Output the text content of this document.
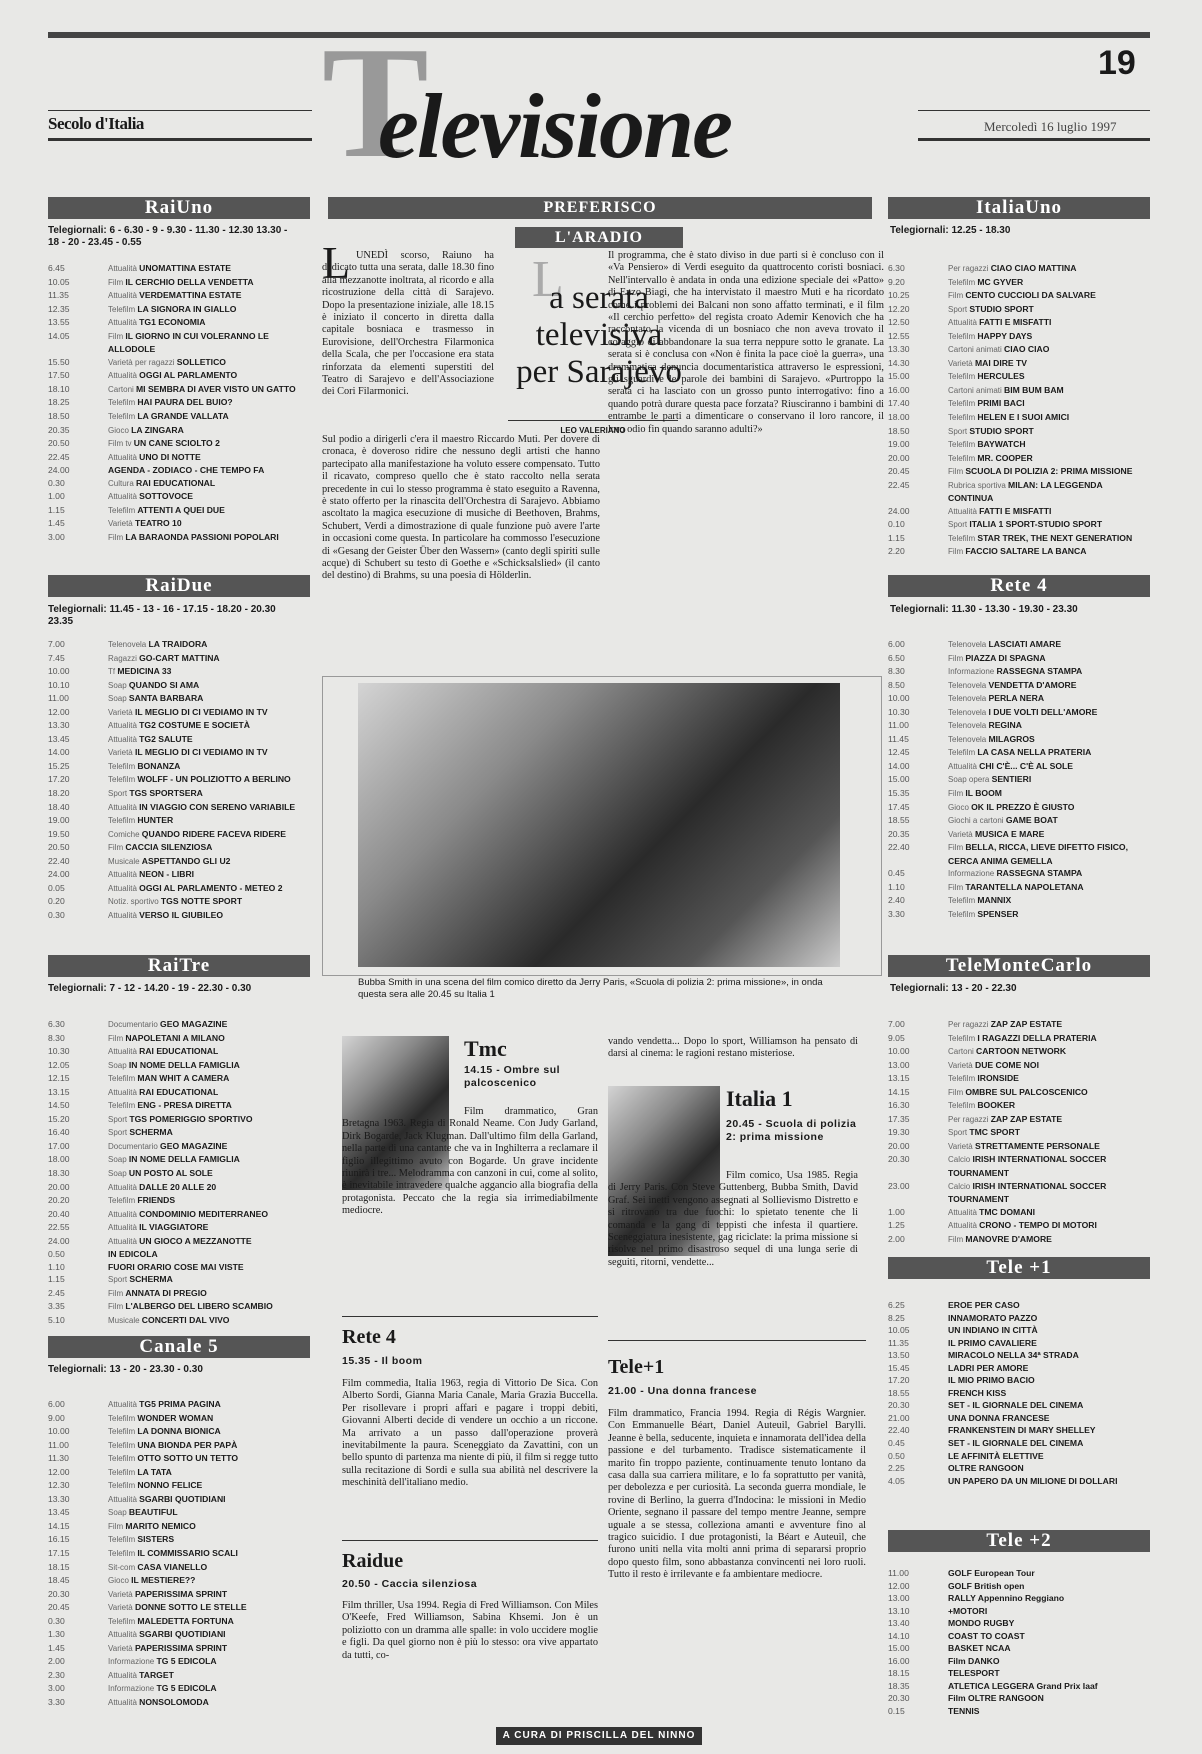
19
Secolo d'Italia T
elevisione	Mercoledì 16 luglio 1997
RaiUno
Telegiornali: 6 - 6.30 - 9 - 9.30 - 11.30 - 12.30 13.30 - 18 - 20 - 23.45 - 0.55
6.45	Attualità UNOMATTINA ESTATE
10.05	Film IL CERCHIO DELLA VENDETTA
11.35	Attualità VERDEMATTINA ESTATE
12.35	Telefilm LA SIGNORA IN GIALLO
13.55	Attualità TG1 ECONOMIA
14.05	Film IL GIORNO IN CUI VOLERANNO LE ALLODOLE
15.50	Varietà per ragazzi SOLLETICO
17.50	Attualità OGGI AL PARLAMENTO
18.10	Cartoni MI SEMBRA DI AVER VISTO UN GATTO
18.25	Telefilm HAI PAURA DEL BUIO?
18.50	Telefilm LA GRANDE VALLATA
20.35	Gioco LA ZINGARA
20.50	Film tv UN CANE SCIOLTO 2
22.45	Attualità UNO DI NOTTE
24.00	AGENDA - ZODIACO - CHE TEMPO FA
0.30	Cultura RAI EDUCATIONAL
1.00	Attualità SOTTOVOCE
1.15	Telefilm ATTENTI A QUEI DUE
1.45	Varietà TEATRO 10
3.00	Film LA BARAONDA PASSIONI POPOLARI
RaiDue
Telegiornali: 11.45 - 13 - 16 - 17.15 - 18.20 - 20.30 23.35
7.00	Telenovela LA TRAIDORA
7.45	Ragazzi GO-CART MATTINA
10.00	Tf MEDICINA 33
10.10	Soap QUANDO SI AMA
11.00	Soap SANTA BARBARA
12.00	Varietà IL MEGLIO DI CI VEDIAMO IN TV
13.30	Attualità TG2 COSTUME E SOCIETÀ
13.45	Attualità TG2 SALUTE
14.00	Varietà IL MEGLIO DI CI VEDIAMO IN TV
15.25	Telefilm BONANZA
17.20	Telefilm WOLFF - UN POLIZIOTTO A BERLINO
18.20	Sport TGS SPORTSERA
18.40	Attualità IN VIAGGIO CON SERENO VARIABILE
19.00	Telefilm HUNTER
19.50	Comiche QUANDO RIDERE FACEVA RIDERE
20.50	Film CACCIA SILENZIOSA
22.40	Musicale ASPETTANDO GLI U2
24.00	Attualità NEON - LIBRI
0.05	Attualità OGGI AL PARLAMENTO - METEO 2
0.20	Notiz. sportivo TGS NOTTE SPORT
0.30	Attualità VERSO IL GIUBILEO
RaiTre
Telegiornali: 7 - 12 - 14.20 - 19 - 22.30 - 0.30
6.30	Documentario GEO MAGAZINE
8.30	Film NAPOLETANI A MILANO
10.30	Attualità RAI EDUCATIONAL
12.05	Soap IN NOME DELLA FAMIGLIA
12.15	Telefilm MAN WHIT A CAMERA
13.15	Attualità RAI EDUCATIONAL
14.50	Telefilm ENG - PRESA DIRETTA
15.20	Sport TGS POMERIGGIO SPORTIVO
16.40	Sport SCHERMA
17.00	Documentario GEO MAGAZINE
18.00	Soap IN NOME DELLA FAMIGLIA
18.30	Soap UN POSTO AL SOLE
20.00	Attualità DALLE 20 ALLE 20
20.20	Telefilm FRIENDS
20.40	Attualità CONDOMINIO MEDITERRANEO
22.55	Attualità IL VIAGGIATORE
24.00	Attualità UN GIOCO A MEZZANOTTE
0.50	IN EDICOLA
1.10	FUORI ORARIO COSE MAI VISTE
1.15	Sport SCHERMA
2.45	Film ANNATA DI PREGIO
3.35	Film L'ALBERGO DEL LIBERO SCAMBIO
5.10	Musicale CONCERTI DAL VIVO
Canale 5
Telegiornali: 13 - 20 - 23.30 - 0.30
6.00	Attualità TG5 PRIMA PAGINA
9.00	Telefilm WONDER WOMAN
10.00	Telefilm LA DONNA BIONICA
11.00	Telefilm UNA BIONDA PER PAPÀ
11.30	Telefilm OTTO SOTTO UN TETTO
12.00	Telefilm LA TATA
12.30	Telefilm NONNO FELICE
13.30	Attualità SGARBI QUOTIDIANI
13.45	Soap BEAUTIFUL
14.15	Film MARITO NEMICO
16.15	Telefilm SISTERS
17.15	Telefilm IL COMMISSARIO SCALI
18.15	Sit-com CASA VIANELLO
18.45	Gioco IL MESTIERE??
20.30	Varietà PAPERISSIMA SPRINT
20.45	Varietà DONNE SOTTO LE STELLE
0.30	Telefilm MALEDETTA FORTUNA
1.30	Attualità SGARBI QUOTIDIANI
1.45	Varietà PAPERISSIMA SPRINT
2.00	Informazione TG 5 EDICOLA
2.30	Attualità TARGET
3.00	Informazione TG 5 EDICOLA
3.30	Attualità NONSOLOMODA
ItaliaUno
Telegiornali: 12.25 - 18.30
6.30	Per ragazzi CIAO CIAO MATTINA
9.20	Telefilm MC GYVER
10.25	Film CENTO CUCCIOLI DA SALVARE
12.20	Sport STUDIO SPORT
12.50	Attualità FATTI E MISFATTI
12.55	Telefilm HAPPY DAYS
13.30	Cartoni animati CIAO CIAO
14.30	Varietà MAI DIRE TV
15.00	Telefilm HERCULES
16.00	Cartoni animati BIM BUM BAM
17.40	Telefilm PRIMI BACI
18.00	Telefilm HELEN E I SUOI AMICI
18.50	Sport STUDIO SPORT
19.00	Telefilm BAYWATCH
20.00	Telefilm MR. COOPER
20.45	Film SCUOLA DI POLIZIA 2: PRIMA MISSIONE
22.45	Rubrica sportiva MILAN: LA LEGGENDA CONTINUA
24.00	Attualità FATTI E MISFATTI
0.10	Sport ITALIA 1 SPORT-STUDIO SPORT
1.15	Telefilm STAR TREK, THE NEXT GENERATION
2.20	Film FACCIO SALTARE LA BANCA
Rete 4
Telegiornali: 11.30 - 13.30 - 19.30 - 23.30
6.00	Telenovela LASCIATI AMARE
6.50	Film PIAZZA DI SPAGNA
8.30	Informazione RASSEGNA STAMPA
8.50	Telenovela VENDETTA D'AMORE
10.00	Telenovela PERLA NERA
10.30	Telenovela I DUE VOLTI DELL'AMORE
11.00	Telenovela REGINA
11.45	Telenovela MILAGROS
12.45	Telefilm LA CASA NELLA PRATERIA
14.00	Attualità CHI C'È... C'È AL SOLE
15.00	Soap opera SENTIERI
15.35	Film IL BOOM
17.45	Gioco OK IL PREZZO È GIUSTO
18.55	Giochi a cartoni GAME BOAT
20.35	Varietà MUSICA E MARE
22.40	Film BELLA, RICCA, LIEVE DIFETTO FISICO, CERCA ANIMA GEMELLA
0.45	Informazione RASSEGNA STAMPA
1.10	Film TARANTELLA NAPOLETANA
2.40	Telefilm MANNIX
3.30	Telefilm SPENSER
TeleMonteCarlo
Telegiornali: 13 - 20 - 22.30
7.00	Per ragazzi ZAP ZAP ESTATE
9.05	Telefilm I RAGAZZI DELLA PRATERIA
10.00	Cartoni CARTOON NETWORK
13.00	Varietà DUE COME NOI
13.15	Telefilm IRONSIDE
14.15	Film OMBRE SUL PALCOSCENICO
16.30	Telefilm BOOKER
17.35	Per ragazzi ZAP ZAP ESTATE
19.30	Sport TMC SPORT
20.00	Varietà STRETTAMENTE PERSONALE
20.30	Calcio IRISH INTERNATIONAL SOCCER TOURNAMENT
23.00	Calcio IRISH INTERNATIONAL SOCCER TOURNAMENT
1.00	Attualità TMC DOMANI
1.25	Attualità CRONO - TEMPO DI MOTORI
2.00	Film MANOVRE D'AMORE
Tele +1
6.25	EROE PER CASO
8.25	INNAMORATO PAZZO
10.05	UN INDIANO IN CITTÀ
11.35	IL PRIMO CAVALIERE
13.50	MIRACOLO NELLA 34ª STRADA
15.45	LADRI PER AMORE
17.20	IL MIO PRIMO BACIO
18.55	FRENCH KISS
20.30	SET - IL GIORNALE DEL CINEMA
21.00	UNA DONNA FRANCESE
22.40	FRANKENSTEIN DI MARY SHELLEY
0.45	SET - IL GIORNALE DEL CINEMA
0.50	LE AFFINITÀ ELETTIVE
2.25	OLTRE RANGOON
4.05	UN PAPERO DA UN MILIONE DI DOLLARI
Tele +2
11.00	GOLF European Tour
12.00	GOLF British open
13.00	RALLY Appennino Reggiano
13.10	+MOTORI
13.40	MONDO RUGBY
14.10	COAST TO COAST
15.00	BASKET NCAA
16.00	Film DANKO
18.15	TELESPORT
18.35	ATLETICA LEGGERA Grand Prix Iaaf
20.30	Film OLTRE RANGOON
0.15	TENNIS
PREFERISCO
L'ARADIO
L UNEDÌ scorso, Raiuno ha dedicato tutta una serata, dalle 18.30 fino alla mezzanotte inoltrata, al ricordo e alla ricostruzione della città di Sarajevo. Dopo la presentazione iniziale, alle 18.15 è iniziato il concerto in diretta dalla capitale bosniaca e trasmesso in Eurovisione, dell'Orchestra Filarmonica della Scala, che per l'occasione era stata rinforzata da elementi superstiti del Teatro di Sarajevo e dell'Associazione dei Cori Filarmonici.

L
a serata televisiva per Sarajevo
LEO VALERIANO

Sul podio a dirigerli c'era il maestro Riccardo Muti. Per dovere di cronaca, è doveroso ridire che nessuno degli artisti che hanno partecipato alla manifestazione ha voluto essere compensato. Tutto il ricavato, compreso quello che è stato raccolto nella serata precedente in cui lo stesso programma è stato eseguito a Ravenna, è stato offerto per la rinascita dell'Orchestra di Sarajevo. Abbiamo ascoltato la magica esecuzione di musiche di Beethoven, Brahms, Schubert, Verdi a dimostrazione di quale funzione può avere l'arte in occasioni come questa. In particolare ha commosso l'esecuzione di «Gesang der Geister Über den Wassern» (canto degli spiriti sulle acque) di Schubert su testo di Goethe e «Schicksalslied» (il canto del destino) di Brahms, su una poesia di Hölderlin.

Il programma, che è stato diviso in due parti si è concluso con il «Va Pensiero» di Verdi eseguito da quattrocento coristi bosniaci. Nell'intervallo è andata in onda una edizione speciale dei «Patto» di Enzo Biagi, che ha intervistato il maestro Muti e ha ricordato come i problemi dei Balcani non sono affatto terminati, e il film «Il cerchio perfetto» del regista croato Ademir Kenovich che ha raccontato la vicenda di un bosniaco che non aveva trovato il coraggio di abbandonare la sua terra neppure sotto le granate. La serata si è conclusa con «Non è finita la pace cioè la guerra», una drammatica denuncia documentaristica attraverso le espressioni, gli sguardi e le parole dei bambini di Sarajevo. «Purtroppo la serata ci ha lasciato con un grosso punto interrogativo: fino a quando potrà durare questa pace forzata? Riusciranno i bambini di entrambe le parti a dimenticare o conservano il loro rancore, il loro odio fin quando saranno adulti?»

Bubba Smith in una scena del film comico diretto da Jerry Paris, «Scuola di polizia 2: prima missione», in onda questa sera alle 20.45 su Italia 1
Tmc
14.15 - Ombre sul palcoscenico

Film drammatico, Gran Bretagna 1963. Regia di Ronald Neame. Con Judy Garland, Dirk Bogarde, Jack Klugman. Dall'ultimo film della Garland, nella parte di una cantante che va in Inghilterra a reclamare il figlio illegittimo avuto con Bogarde. Un grave incidente riunirà i tre... Melodramma con canzoni in cui, come al solito, è inevitabile intravedere qualche aggancio alla biografia della protagonista. Peccato che la regia sia irrimediabilmente mediocre.

vando vendetta... Dopo lo sport, Williamson ha pensato di darsi al cinema: le ragioni restano misteriose.

Italia 1
20.45 - Scuola di polizia 2: prima missione

Film comico, Usa 1985. Regia di Jerry Paris. Con Steve Guttenberg, Bubba Smith, David Graf. Sei inetti vengono assegnati al Sollievismo Distretto e si ritrovano tra due fuochi: lo spietato tenente che li comanda e la gang di teppisti che infesta il quartiere. Sceneggiatura inesistente, gag riciclate: la prima missione si risolve nel primo disastroso sequel di una lunga serie di seguiti, ritorni, vendette...

Rete 4
15.35 - Il boom

Film commedia, Italia 1963, regia di Vittorio De Sica. Con Alberto Sordi, Gianna Maria Canale, Maria Grazia Buccella. Per risollevare i propri affari e pagare i troppi debiti, Giovanni Alberti decide di vendere un occhio a un riccone. Ma arrivato a un passo dall'operazione proverà inevitabilmente la paura. Sceneggiato da Zavattini, con un bello spunto di partenza ma niente di più, il film si regge tutto sulla recitazione di Sordi e sulla sua abilità nel descrivere la meschinità dell'italiano medio.

Raidue
20.50 - Caccia silenziosa

Film thriller, Usa 1994. Regia di Fred Williamson. Con Miles O'Keefe, Fred Williamson, Sabina Khsemi. Jon è un poliziotto con un dramma alle spalle: in volo uccidere moglie e figli. Da quel giorno non è più lo stesso: ora vive appartato da tutti, co-

Tele+1
21.00 - Una donna francese

Film drammatico, Francia 1994. Regia di Régis Wargnier. Con Emmanuelle Béart, Daniel Auteuil, Gabriel Barylli. Jeanne è bella, seducente, inquieta e innamorata dell'idea della passione e del turbamento. Tradisce sistematicamente il marito fin troppo paziente, continuamente tenuto lontano da casa dalla sua carriera militare, e lo fa soprattutto per vanità, per debolezza e per curiosità. La seconda guerra mondiale, le rovine di Berlino, la guerra d'Indocina: le missioni in Medio Oriente, segnano il passare del tempo mentre Jeanne, sempre uguale a se stessa, colleziona amanti e avventure fino al tragico suicidio. I due protagonisti, la Béart e Auteuil, che furono uniti nella vita molti anni prima di separarsi proprio dopo questo film, sono abbastanza convincenti nei loro ruoli. Tutto il resto è irrilevante e fa ambientare mediocre.

A CURA DI PRISCILLA DEL NINNO
